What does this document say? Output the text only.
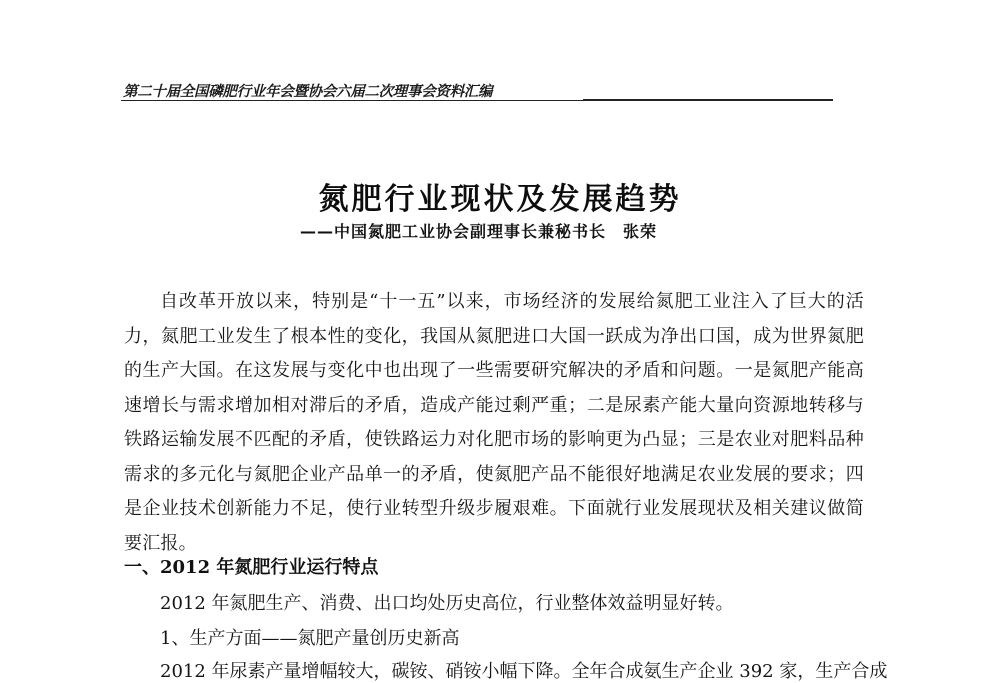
第二十届全国磷肥行业年会暨协会六届二次理事会资料汇编
氮肥行业现状及发展趋势
——中国氮肥工业协会副理事长兼秘书长　张荣

自改革开放以来，特别是“十一五”以来，市场经济的发展给氮肥工业注入了巨大的活力，氮肥工业发生了根本性的变化，我国从氮肥进口大国一跃成为净出口国，成为世界氮肥的生产大国。在这发展与变化中也出现了一些需要研究解决的矛盾和问题。一是氮肥产能高速增长与需求增加相对滞后的矛盾，造成产能过剩严重；二是尿素产能大量向资源地转移与铁路运输发展不匹配的矛盾，使铁路运力对化肥市场的影响更为凸显；三是农业对肥料品种需求的多元化与氮肥企业产品单一的矛盾，使氮肥产品不能很好地满足农业发展的要求；四是企业技术创新能力不足，使行业转型升级步履艰难。下面就行业发展现状及相关建议做简要汇报。

一、2012 年氮肥行业运行特点
2012 年氮肥生产、消费、出口均处历史高位，行业整体效益明显好转。
1、生产方面——氮肥产量创历史新高
2012 年尿素产量增幅较大，碳铵、硝铵小幅下降。全年合成氨生产企业 392 家，生产合成
